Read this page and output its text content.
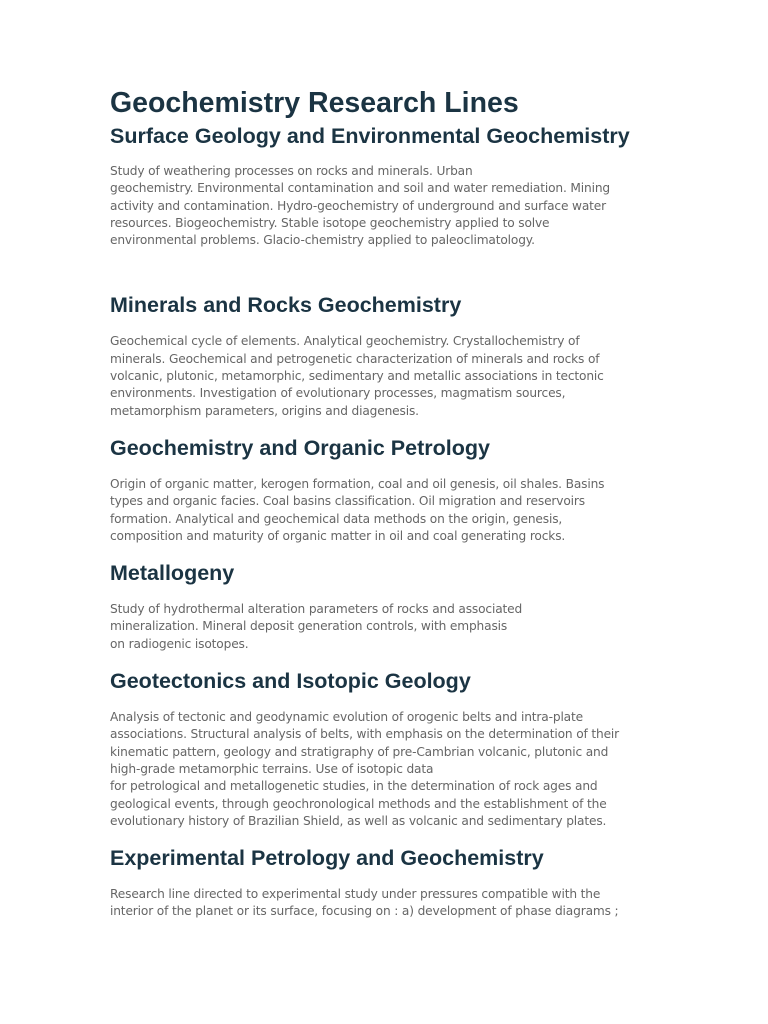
Geochemistry Research Lines
Surface Geology and Environmental Geochemistry

Study of weathering processes on rocks and minerals. Urban
geochemistry. Environmental contamination and soil and water remediation. Mining
activity and contamination. Hydro-geochemistry of underground and surface water
resources. Biogeochemistry. Stable isotope geochemistry applied to solve
environmental problems. Glacio-chemistry applied to paleoclimatology.

Minerals and Rocks Geochemistry

Geochemical cycle of elements. Analytical geochemistry. Crystallochemistry of
minerals. Geochemical and petrogenetic characterization of minerals and rocks of
volcanic, plutonic, metamorphic, sedimentary and metallic associations in tectonic
environments. Investigation of evolutionary processes, magmatism sources,
metamorphism parameters, origins and diagenesis.

Geochemistry and Organic Petrology

Origin of organic matter, kerogen formation, coal and oil genesis, oil shales. Basins
types and organic facies. Coal basins classification. Oil migration and reservoirs
formation. Analytical and geochemical data methods on the origin, genesis,
composition and maturity of organic matter in oil and coal generating rocks.

Metallogeny

Study of hydrothermal alteration parameters of rocks and associated
mineralization. Mineral deposit generation controls, with emphasis
on radiogenic isotopes.

Geotectonics and Isotopic Geology

Analysis of tectonic and geodynamic evolution of orogenic belts and intra-plate
associations. Structural analysis of belts, with emphasis on the determination of their
kinematic pattern, geology and stratigraphy of pre-Cambrian volcanic, plutonic and
high-grade metamorphic terrains. Use of isotopic data
for petrological and metallogenetic studies, in the determination of rock ages and
geological events, through geochronological methods and the establishment of the
evolutionary history of Brazilian Shield, as well as volcanic and sedimentary plates.

Experimental Petrology and Geochemistry

Research line directed to experimental study under pressures compatible with the
interior of the planet or its surface, focusing on : a) development of phase diagrams ;
